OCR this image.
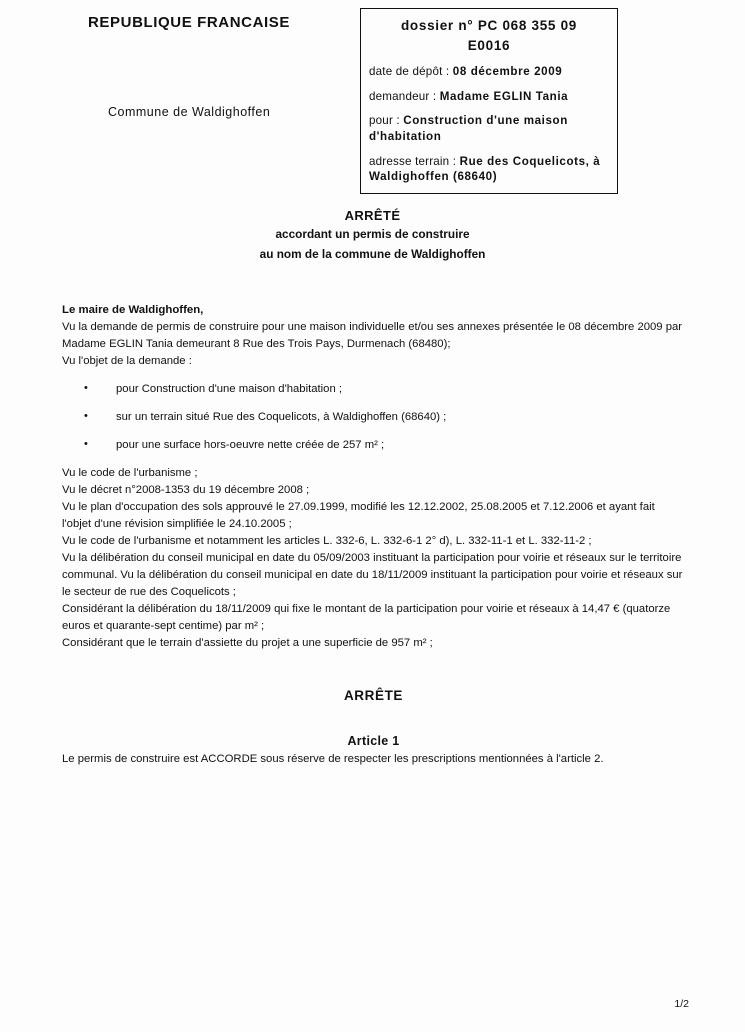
REPUBLIQUE FRANCAISE
Commune de Waldighoffen
dossier n° PC 068 355 09
E0016
date de dépôt : 08 décembre 2009
demandeur : Madame EGLIN Tania
pour : Construction d'une maison d'habitation
adresse terrain : Rue des Coquelicots, à Waldighoffen (68640)
ARRÊTÉ
accordant un permis de construire
au nom de la commune de Waldighoffen
Le maire de Waldighoffen,

Vu la demande de permis de construire pour une maison individuelle et/ou ses annexes présentée le 08 décembre 2009 par Madame EGLIN Tania demeurant 8 Rue des Trois Pays, Durmenach (68480);

Vu l'objet de la demande :

• pour Construction d'une maison d'habitation ;
• sur un terrain situé Rue des Coquelicots, à Waldighoffen (68640) ;
• pour une surface hors-oeuvre nette créée de 257 m² ;

Vu le code de l'urbanisme ;

Vu le décret n°2008-1353 du 19 décembre 2008 ;

Vu le plan d'occupation des sols approuvé le 27.09.1999, modifié les 12.12.2002, 25.08.2005 et 7.12.2006 et ayant fait l'objet d'une révision simplifiée le 24.10.2005 ;

Vu le code de l'urbanisme et notamment les articles L. 332-6, L. 332-6-1 2° d), L. 332-11-1 et L. 332-11-2 ;

Vu la délibération du conseil municipal en date du 05/09/2003 instituant la participation pour voirie et réseaux sur le territoire communal. Vu la délibération du conseil municipal en date du 18/11/2009 instituant la participation pour voirie et réseaux sur le secteur de rue des Coquelicots ;

Considérant la délibération du 18/11/2009 qui fixe le montant de la participation pour voirie et réseaux à 14,47 € (quatorze euros et quarante-sept centime) par m² ;

Considérant que le terrain d'assiette du projet a une superficie de 957 m² ;

ARRÊTE
Article 1

Le permis de construire est ACCORDE sous réserve de respecter les prescriptions mentionnées à l'article 2.

1/2
